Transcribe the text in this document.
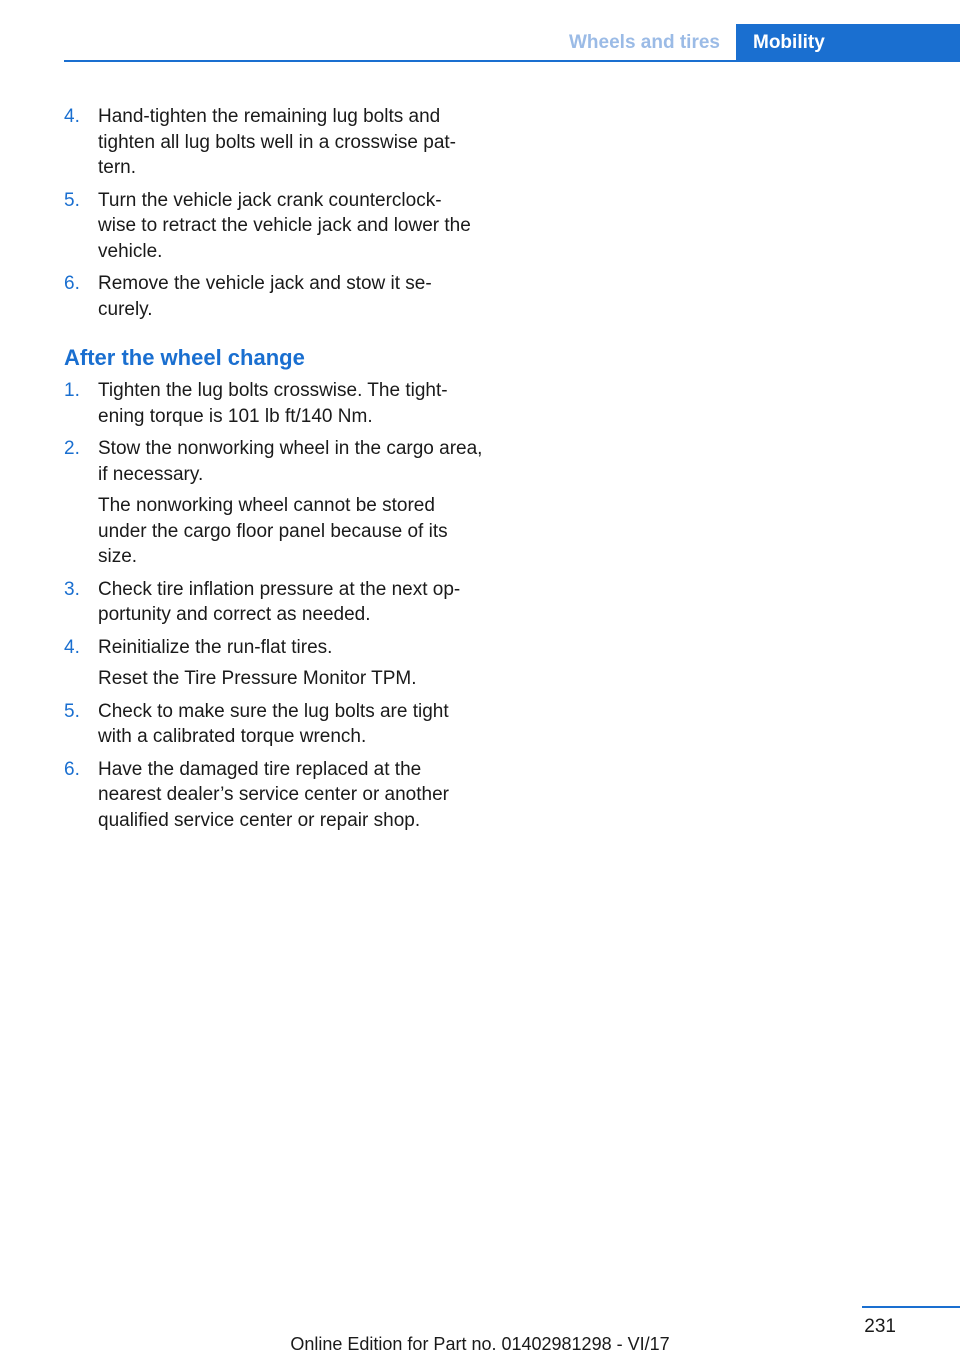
Wheels and tires	Mobility
4. Hand-tighten the remaining lug bolts and tighten all lug bolts well in a crosswise pat‐ tern.

5. Turn the vehicle jack crank counterclock‐ wise to retract the vehicle jack and lower the vehicle.

6. Remove the vehicle jack and stow it se‐ curely.

After the wheel change
1. Tighten the lug bolts crosswise. The tight‐ ening torque is 101 lb ft/140 Nm.

2. Stow the nonworking wheel in the cargo area, if necessary.

The nonworking wheel cannot be stored under the cargo floor panel because of its size.

3. Check tire inflation pressure at the next op‐ portunity and correct as needed.

4. Reinitialize the run-flat tires.

Reset the Tire Pressure Monitor TPM.

5. Check to make sure the lug bolts are tight with a calibrated torque wrench.

6. Have the damaged tire replaced at the nearest dealer’s service center or another qualified service center or repair shop.

231
Online Edition for Part no. 01402981298 - VI/17
